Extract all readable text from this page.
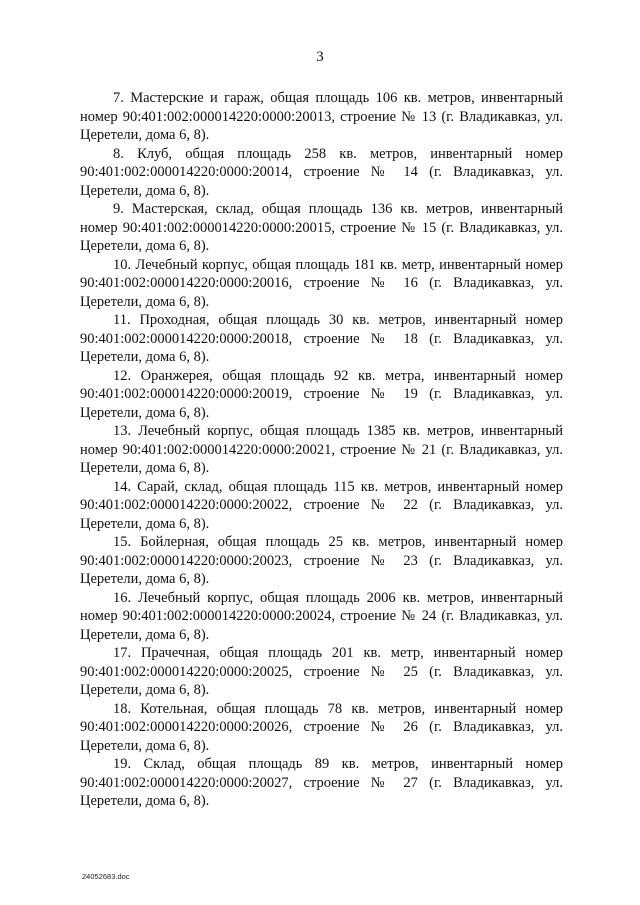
3

7. Мастерские и гараж, общая площадь 106 кв. метров, инвентарный номер 90:401:002:000014220:0000:20013, строение № 13 (г. Владикавказ, ул. Церетели, дома 6, 8).

8. Клуб, общая площадь 258 кв. метров, инвентарный номер 90:401:002:000014220:0000:20014, строение № 14 (г. Владикавказ, ул. Церетели, дома 6, 8).

9. Мастерская, склад, общая площадь 136 кв. метров, инвентарный номер 90:401:002:000014220:0000:20015, строение № 15 (г. Владикавказ, ул. Церетели, дома 6, 8).

10. Лечебный корпус, общая площадь 181 кв. метр, инвентарный номер 90:401:002:000014220:0000:20016, строение № 16 (г. Владикавказ, ул. Церетели, дома 6, 8).

11. Проходная, общая площадь 30 кв. метров, инвентарный номер 90:401:002:000014220:0000:20018, строение № 18 (г. Владикавказ, ул. Церетели, дома 6, 8).

12. Оранжерея, общая площадь 92 кв. метра, инвентарный номер 90:401:002:000014220:0000:20019, строение № 19 (г. Владикавказ, ул. Церетели, дома 6, 8).

13. Лечебный корпус, общая площадь 1385 кв. метров, инвентарный номер 90:401:002:000014220:0000:20021, строение № 21 (г. Владикавказ, ул. Церетели, дома 6, 8).

14. Сарай, склад, общая площадь 115 кв. метров, инвентарный номер 90:401:002:000014220:0000:20022, строение № 22 (г. Владикавказ, ул. Церетели, дома 6, 8).

15. Бойлерная, общая площадь 25 кв. метров, инвентарный номер 90:401:002:000014220:0000:20023, строение № 23 (г. Владикавказ, ул. Церетели, дома 6, 8).

16. Лечебный корпус, общая площадь 2006 кв. метров, инвентарный номер 90:401:002:000014220:0000:20024, строение № 24 (г. Владикавказ, ул. Церетели, дома 6, 8).

17. Прачечная, общая площадь 201 кв. метр, инвентарный номер 90:401:002:000014220:0000:20025, строение № 25 (г. Владикавказ, ул. Церетели, дома 6, 8).

18. Котельная, общая площадь 78 кв. метров, инвентарный номер 90:401:002:000014220:0000:20026, строение № 26 (г. Владикавказ, ул. Церетели, дома 6, 8).

19. Склад, общая площадь 89 кв. метров, инвентарный номер 90:401:002:000014220:0000:20027, строение № 27 (г. Владикавказ, ул. Церетели, дома 6, 8).

24052683.doc
